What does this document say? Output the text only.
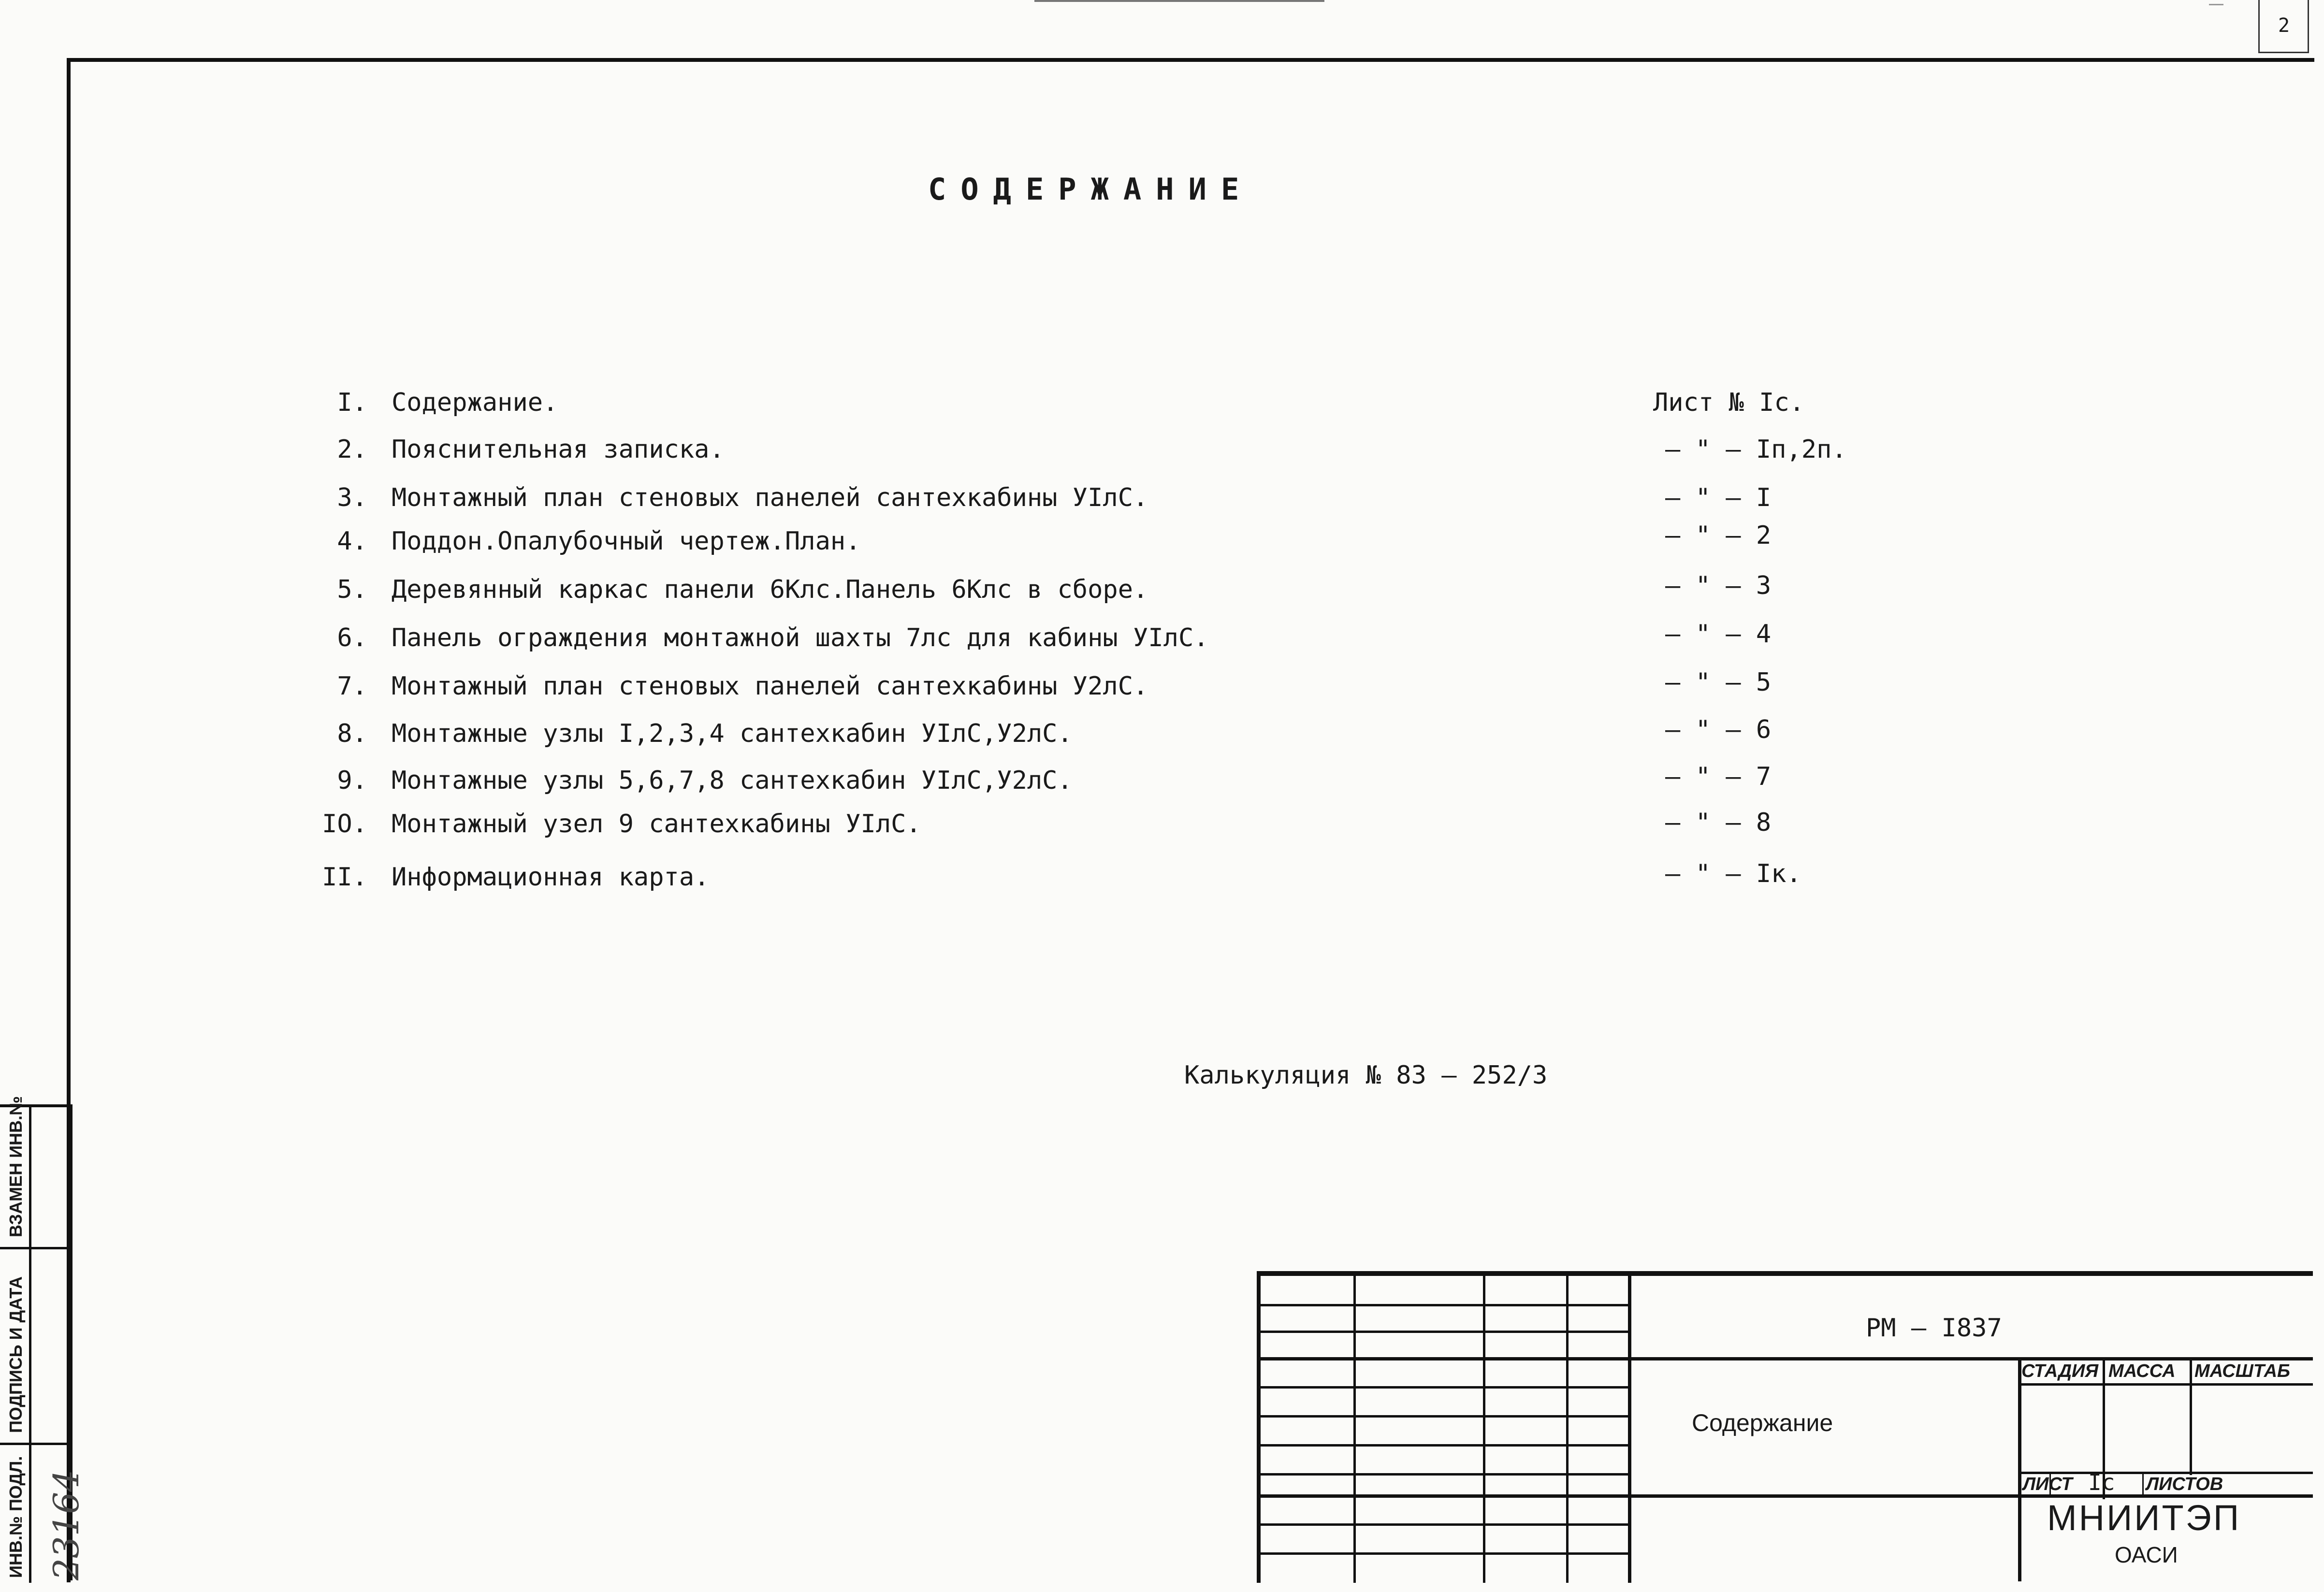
2
СОДЕРЖАНИЕ
I. Содержание.
2. Пояснительная записка.
3. Монтажный план стеновых панелей сантехкабины УIлС.
4. Поддон.Опалубочный чертеж.План.
5. Деревянный каркас панели 6Клс.Панель 6Клс в сборе.
6. Панель ограждения монтажной шахты 7лс для кабины УIлС.
7. Монтажный план стеновых панелей сантехкабины У2лС.
8. Монтажные узлы I,2,3,4 сантехкабин УIлС,У2лС.
9. Монтажные узлы 5,6,7,8 сантехкабин УIлС,У2лС.
IO. Монтажный узел 9 сантехкабины УIлС.
II. Информационная карта.
Лист № Iс.
– " – Iп,2п.
– " – I
– " – 2
– " – 3
– " – 4
– " – 5
– " – 6
– " – 7
– " – 8
– " – Iк.
Калькуляция № 83 – 252/3
РМ – I837
Содержание
СТАДИЯ МАССА МАСШТАБ
ЛИСТ Iс ЛИСТОВ
МНИИТЭП
ОАСИ
ВЗАМЕН ИНВ.№
ПОДПИСЬ И ДАТА
ИНВ.№ ПОДЛ. 23164
